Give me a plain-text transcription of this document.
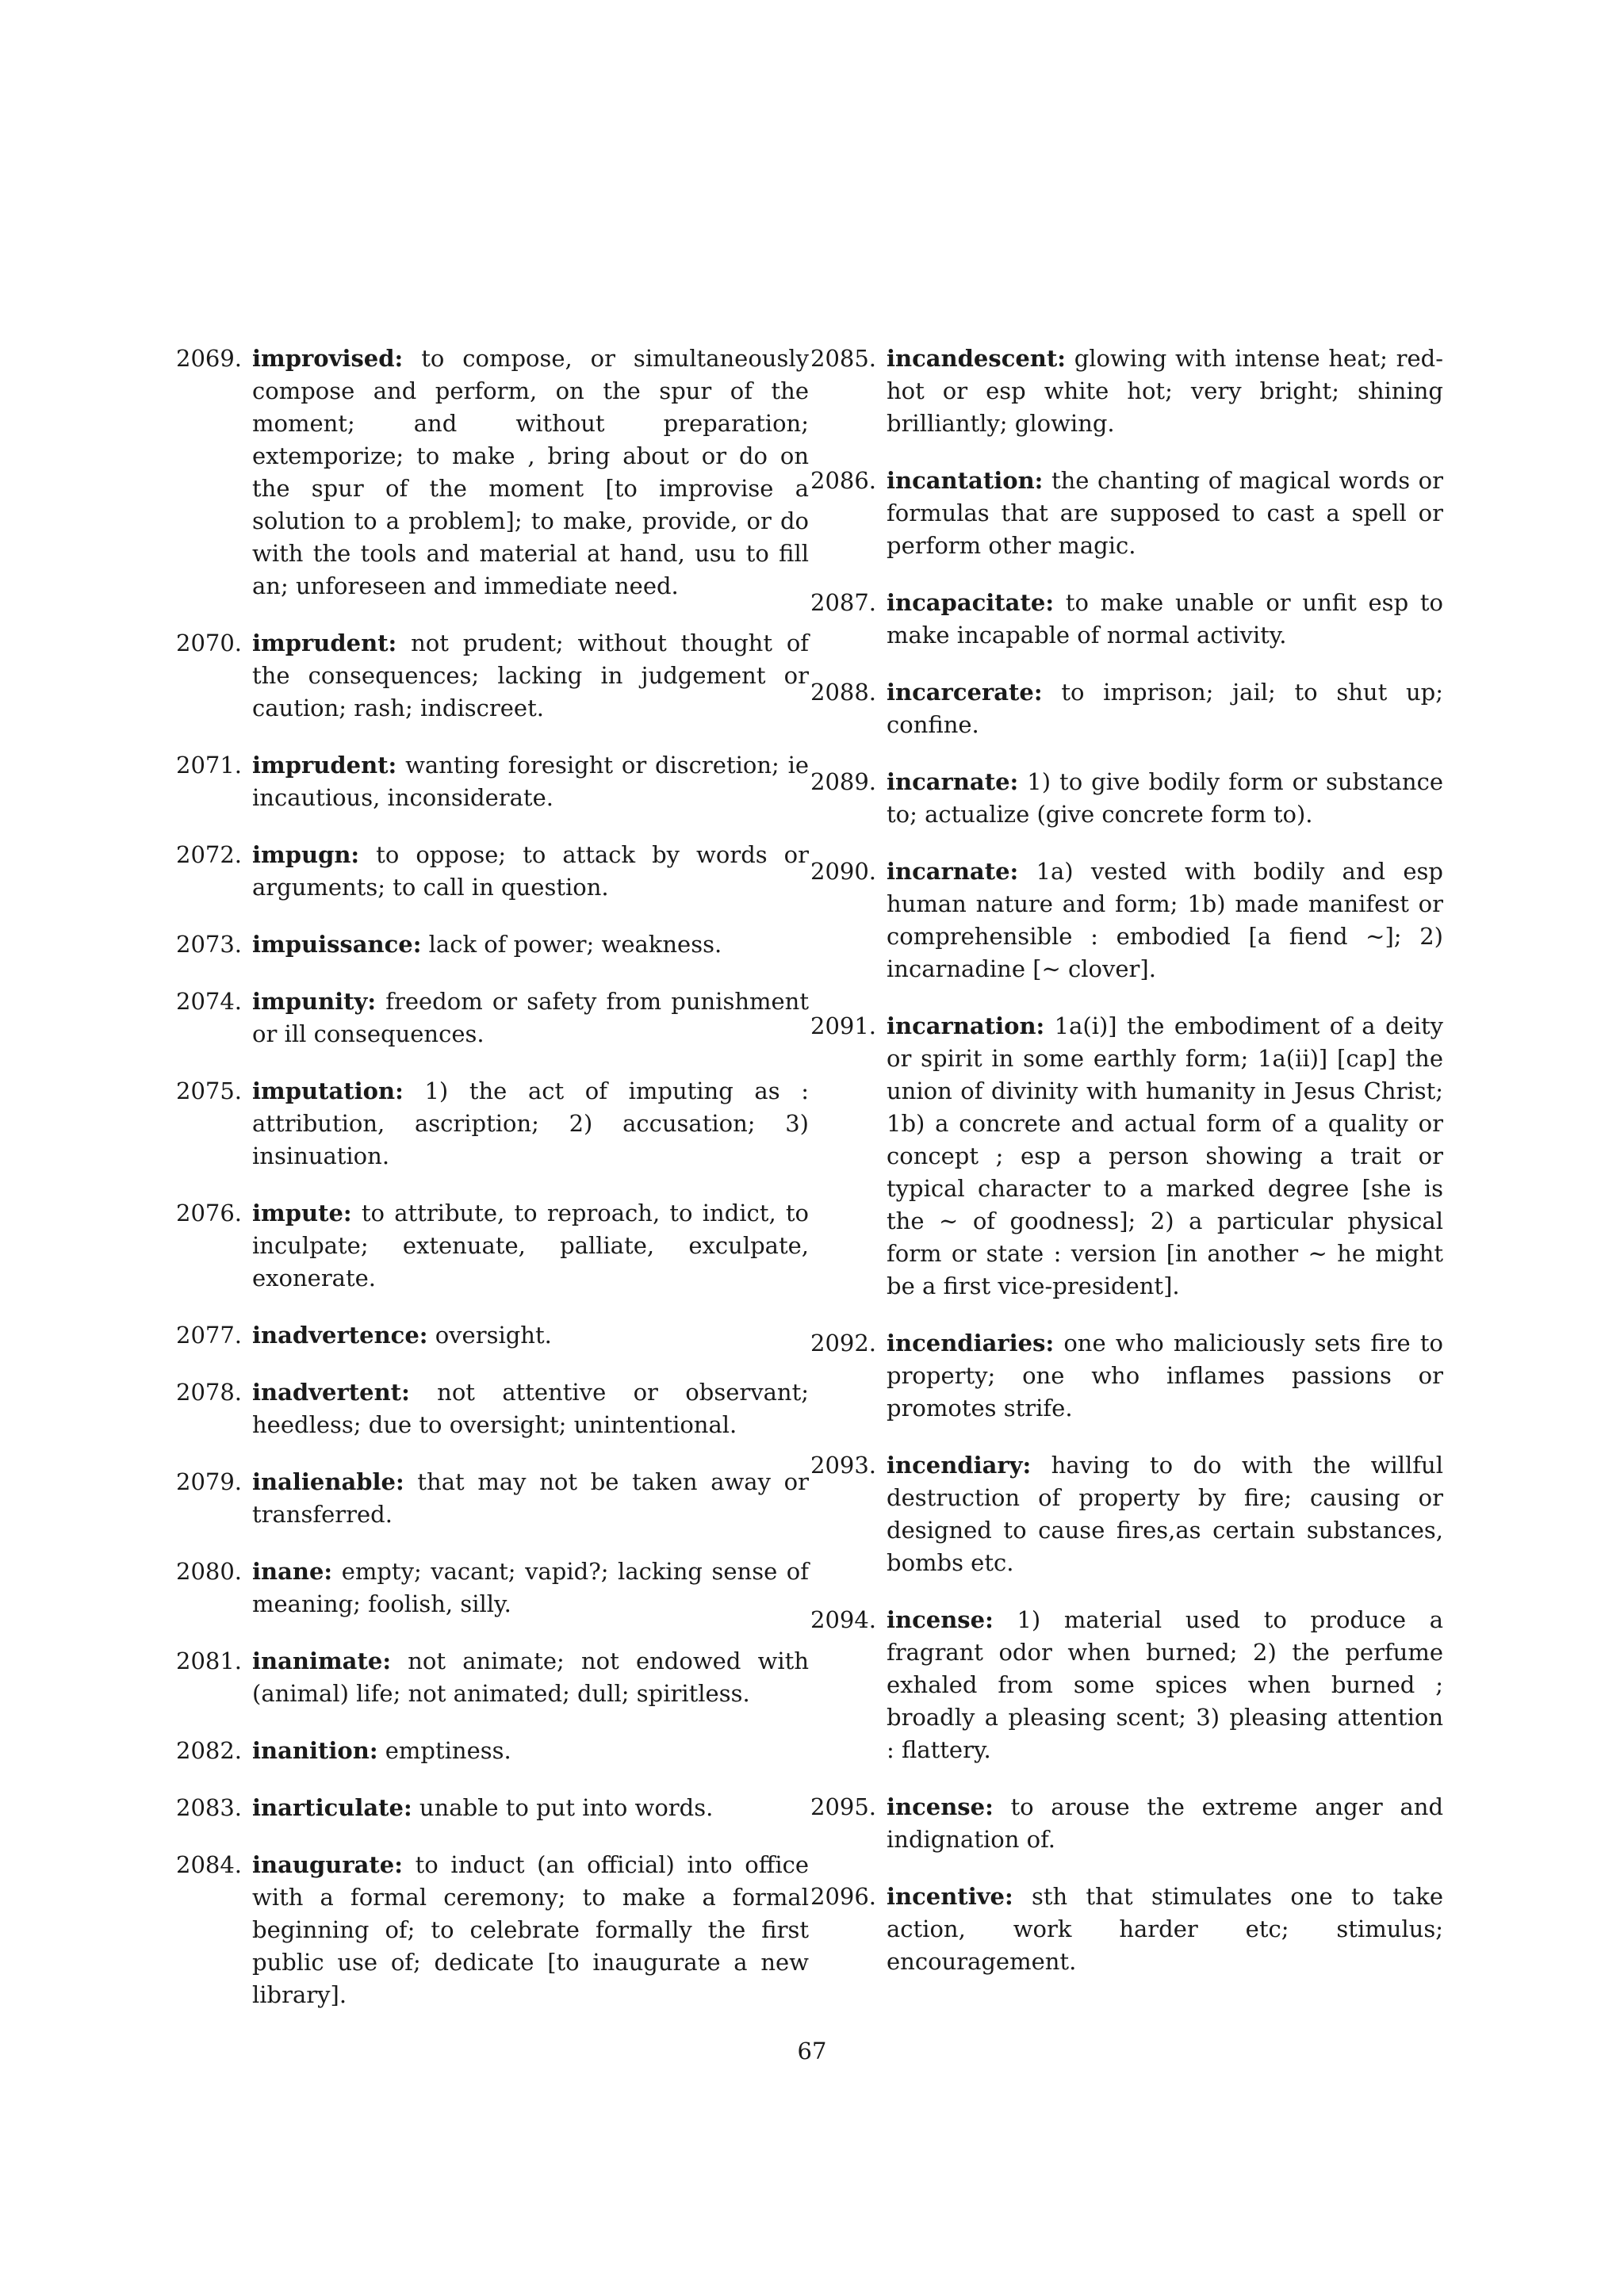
2069. improvised: to compose, or simultaneously compose and perform, on the spur of the moment; and without preparation; extemporize; to make , bring about or do on the spur of the moment [to improvise a solution to a problem]; to make, provide, or do with the tools and material at hand, usu to fill an; unforeseen and immediate need.
2070. imprudent: not prudent; without thought of the consequences; lacking in judgement or caution; rash; indiscreet.
2071. imprudent: wanting foresight or discretion; ie incautious, inconsiderate.
2072. impugn: to oppose; to attack by words or arguments; to call in question.
2073. impuissance: lack of power; weakness.
2074. impunity: freedom or safety from punishment or ill consequences.
2075. imputation: 1) the act of imputing as : attribution, ascription; 2) accusation; 3) insinuation.
2076. impute: to attribute, to reproach, to indict, to inculpate; extenuate, palliate, exculpate, exonerate.
2077. inadvertence: oversight.
2078. inadvertent: not attentive or observant; heedless; due to oversight; unintentional.
2079. inalienable: that may not be taken away or transferred.
2080. inane: empty; vacant; vapid?; lacking sense of meaning; foolish, silly.
2081. inanimate: not animate; not endowed with (animal) life; not animated; dull; spiritless.
2082. inanition: emptiness.
2083. inarticulate: unable to put into words.
2084. inaugurate: to induct (an official) into office with a formal ceremony; to make a formal beginning of; to celebrate formally the first public use of; dedicate [to inaugurate a new library].
2085. incandescent: glowing with intense heat; red-hot or esp white hot; very bright; shining brilliantly; glowing.
2086. incantation: the chanting of magical words or formulas that are supposed to cast a spell or perform other magic.
2087. incapacitate: to make unable or unfit esp to make incapable of normal activity.
2088. incarcerate: to imprison; jail; to shut up; confine.
2089. incarnate: 1) to give bodily form or substance to; actualize (give concrete form to).
2090. incarnate: 1a) vested with bodily and esp human nature and form; 1b) made manifest or comprehensible : embodied [a fiend ∼]; 2) incarnadine [∼ clover].
2091. incarnation: 1a(i)] the embodiment of a deity or spirit in some earthly form; 1a(ii)] [cap] the union of divinity with humanity in Jesus Christ; 1b) a concrete and actual form of a quality or concept ; esp a person showing a trait or typical character to a marked degree [she is the ∼ of goodness]; 2) a particular physical form or state : version [in another ∼ he might be a first vice-president].
2092. incendiaries: one who maliciously sets fire to property; one who inflames passions or promotes strife.
2093. incendiary: having to do with the willful destruction of property by fire; causing or designed to cause fires,as certain substances, bombs etc.
2094. incense: 1) material used to produce a fragrant odor when burned; 2) the perfume exhaled from some spices when burned ; broadly a pleasing scent; 3) pleasing attention : flattery.
2095. incense: to arouse the extreme anger and indignation of.
2096. incentive: sth that stimulates one to take action, work harder etc; stimulus; encouragement.
67
